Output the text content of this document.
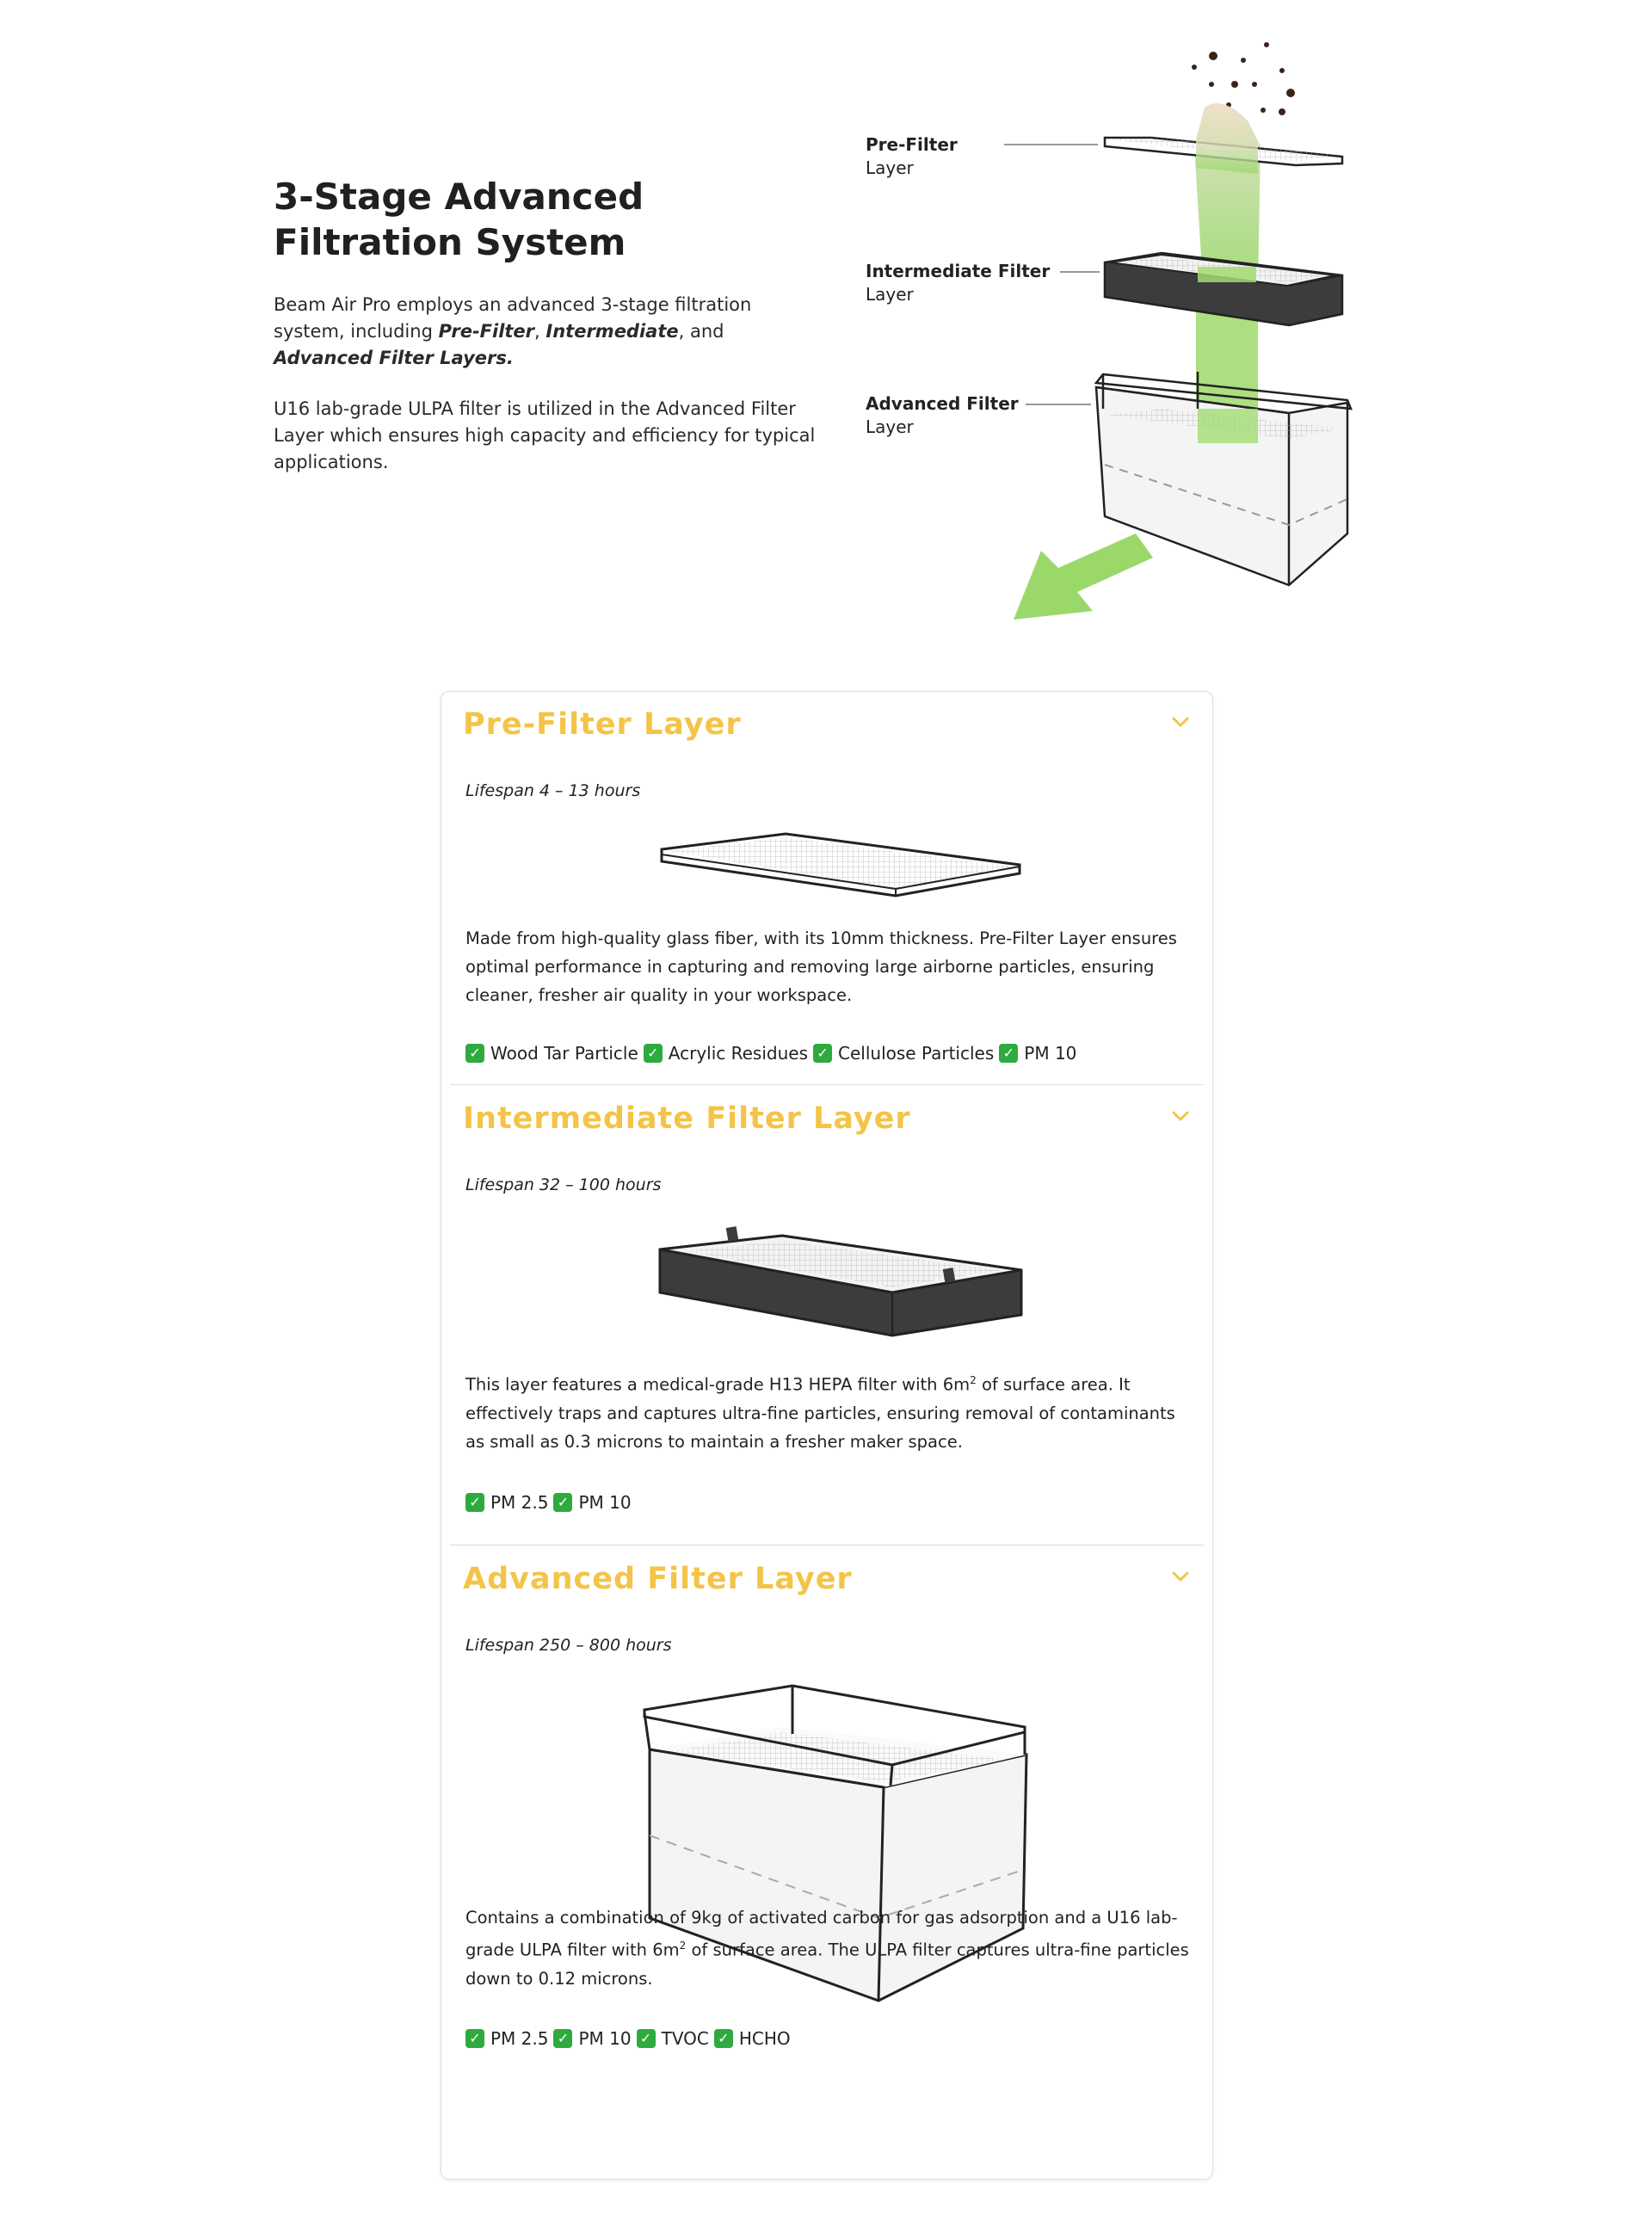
3-Stage Advanced Filtration System

Beam Air Pro employs an advanced 3-stage filtration system, including Pre-Filter, Intermediate, and Advanced Filter Layers.

U16 lab-grade ULPA filter is utilized in the Advanced Filter Layer which ensures high capacity and efficiency for typical applications.

Pre-Filter
Layer
Intermediate Filter
Layer
Advanced Filter
Layer
Pre-Filter Layer

Lifespan 4 – 13 hours

Made from high-quality glass fiber, with its 10mm thickness. Pre-Filter Layer ensures optimal performance in capturing and removing large airborne particles, ensuring cleaner, fresher air quality in your workspace.

✓ Wood Tar Particle ✓ Acrylic Residues ✓ Cellulose Particles ✓ PM 10
Intermediate Filter Layer

Lifespan 32 – 100 hours

This layer features a medical-grade H13 HEPA filter with $6m^2$ of surface area. It effectively traps and captures ultra-fine particles, ensuring removal of contaminants as small as 0.3 microns to maintain a fresher maker space.

✓ PM 2.5 ✓ PM 10
Advanced Filter Layer

Lifespan 250 – 800 hours

Contains a combination of 9kg of activated carbon for gas adsorption and a U16 lab-grade ULPA filter with $6m^2$ of surface area. The ULPA filter captures ultra-fine particles down to 0.12 microns.

✓ PM 2.5 ✓ PM 10 ✓ TVOC ✓ HCHO
